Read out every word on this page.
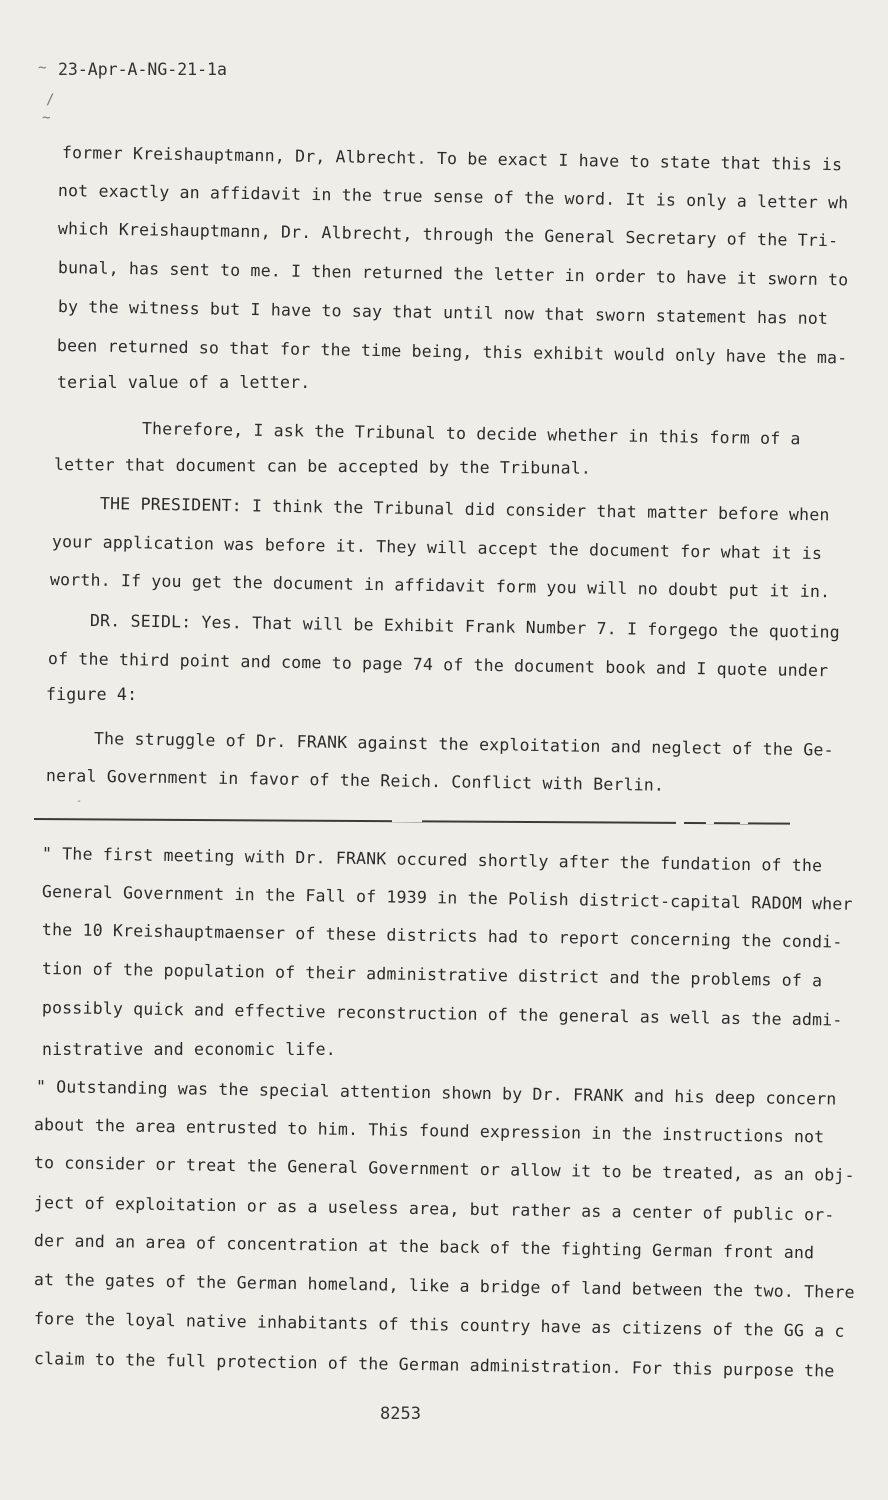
~
/
~
23-Apr-A-NG-21-1a
former Kreishauptmann, Dr, Albrecht. To be exact I have to state that this is
not exactly an affidavit in the true sense of the word. It is only a letter wh
which Kreishauptmann, Dr. Albrecht, through the General Secretary of the Tri-
bunal, has sent to me. I then returned the letter in order to have it sworn to
by the witness but I have to say that until now that sworn statement has not
been returned so that for the time being, this exhibit would only have the ma-
terial value of a letter.
Therefore, I ask the Tribunal to decide whether in this form of a
letter that document can be accepted by the Tribunal.
THE PRESIDENT: I think the Tribunal did consider that matter before when
your application was before it. They will accept the document for what it is
worth. If you get the document in affidavit form you will no doubt put it in.
DR. SEIDL: Yes. That will be Exhibit Frank Number 7. I forgego the quoting
of the third point and come to page 74 of the document book and I quote under
figure 4:
The struggle of Dr. FRANK against the exploitation and neglect of the Ge-
neral Government in favor of the Reich. Conflict with Berlin.
-
" The first meeting with Dr. FRANK occured shortly after the fundation of the
General Government in the Fall of 1939 in the Polish district-capital RADOM wher
the 10 Kreishauptmaenser of these districts had to report concerning the condi-
tion of the population of their administrative district and the problems of a
possibly quick and effective reconstruction of the general as well as the admi-
nistrative and economic life.
" Outstanding was the special attention shown by Dr. FRANK and his deep concern
about the area entrusted to him. This found expression in the instructions not
to consider or treat the General Government or allow it to be treated, as an obj-
ject of exploitation or as a useless area, but rather as a center of public or-
der and an area of concentration at the back of the fighting German front and
at the gates of the German homeland, like a bridge of land between the two. There
fore the loyal native inhabitants of this country have as citizens of the GG a c
claim to the full protection of the German administration. For this purpose the
8253
